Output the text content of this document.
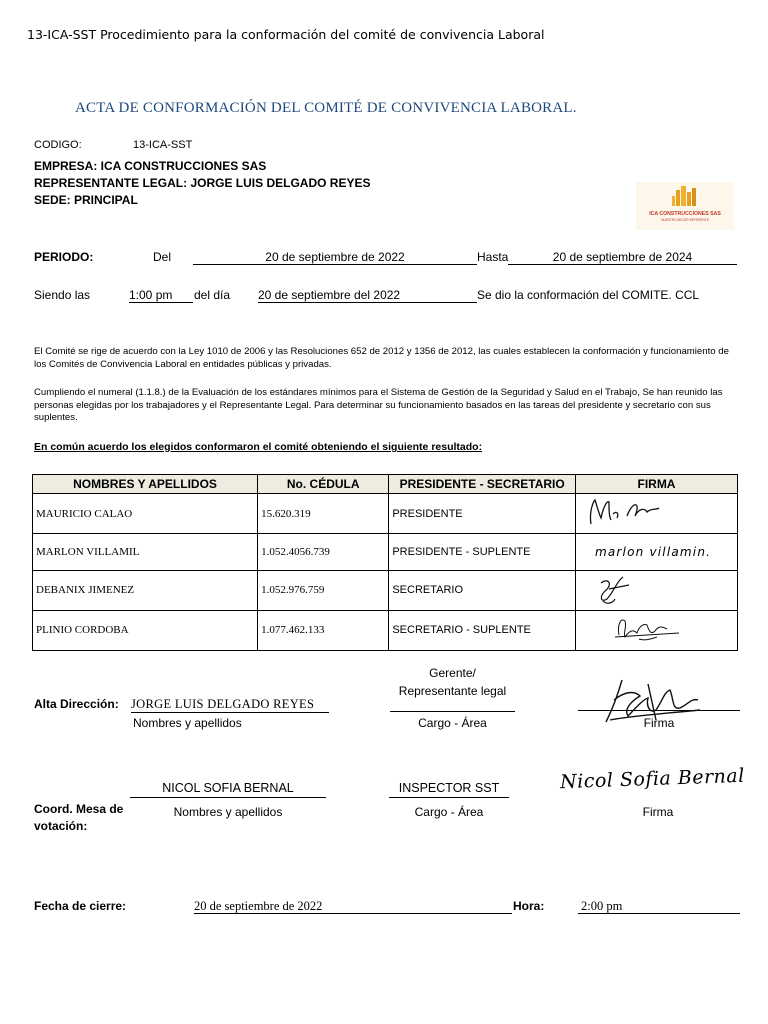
13-ICA-SST Procedimiento para la conformación del comité de convivencia Laboral
ACTA DE CONFORMACIÓN DEL COMITÉ DE CONVIVENCIA LABORAL.
CODIGO:	13-ICA-SST
EMPRESA: ICA CONSTRUCCIONES SAS
REPRESENTANTE LEGAL: JORGE LUIS DELGADO REYES
SEDE: PRINCIPAL
ICA CONSTRUCCIONES SAS
NUESTRO MEJOR REFERENTE
PERIODO:	Del	20 de septiembre de 2022	Hasta	20 de septiembre de 2024
Siendo las	1:00 pm	del día 20 de septiembre del 2022	Se dio la conformación del COMITE. CCL
El Comité se rige de acuerdo con la Ley 1010 de 2006 y las Resoluciones 652 de 2012 y 1356 de 2012, las cuales establecen la conformación y funcionamiento de los Comités de Convivencia Laboral en entidades públicas y privadas.
Cumpliendo el numeral (1.1.8.) de la Evaluación de los estándares mínimos para el Sistema de Gestión de la Seguridad y Salud en el Trabajo, Se han reunido las personas elegidas por los trabajadores y el Representante Legal. Para determinar su funcionamiento basados en las tareas del presidente y secretario con sus suplentes.
En común acuerdo los elegidos conformaron el comité obteniendo el siguiente resultado:
NOMBRES Y APELLIDOS	No. CÉDULA	PRESIDENTE - SECRETARIO	FIRMA
MAURICIO CALAO	15.620.319	PRESIDENTE	
MARLON VILLAMIL	1.052.4056.739	PRESIDENTE - SUPLENTE	marlon villamin.

DEBANIX JIMENEZ	1.052.976.759	SECRETARIO	
PLINIO CORDOBA	1.077.462.133	SECRETARIO - SUPLENTE	
Alta Dirección: JORGE LUIS DELGADO REYES
Nombres y apellidos
Gerente/
Representante legal
Cargo - Área	Firma
NICOL SOFIA BERNAL
Nombres y apellidos
INSPECTOR SST
Cargo - Área
Nicol Sofia Bernal
Firma
Coord. Mesa de
votación:
Fecha de cierre:	20 de septiembre de 2022	Hora:	2:00 pm
